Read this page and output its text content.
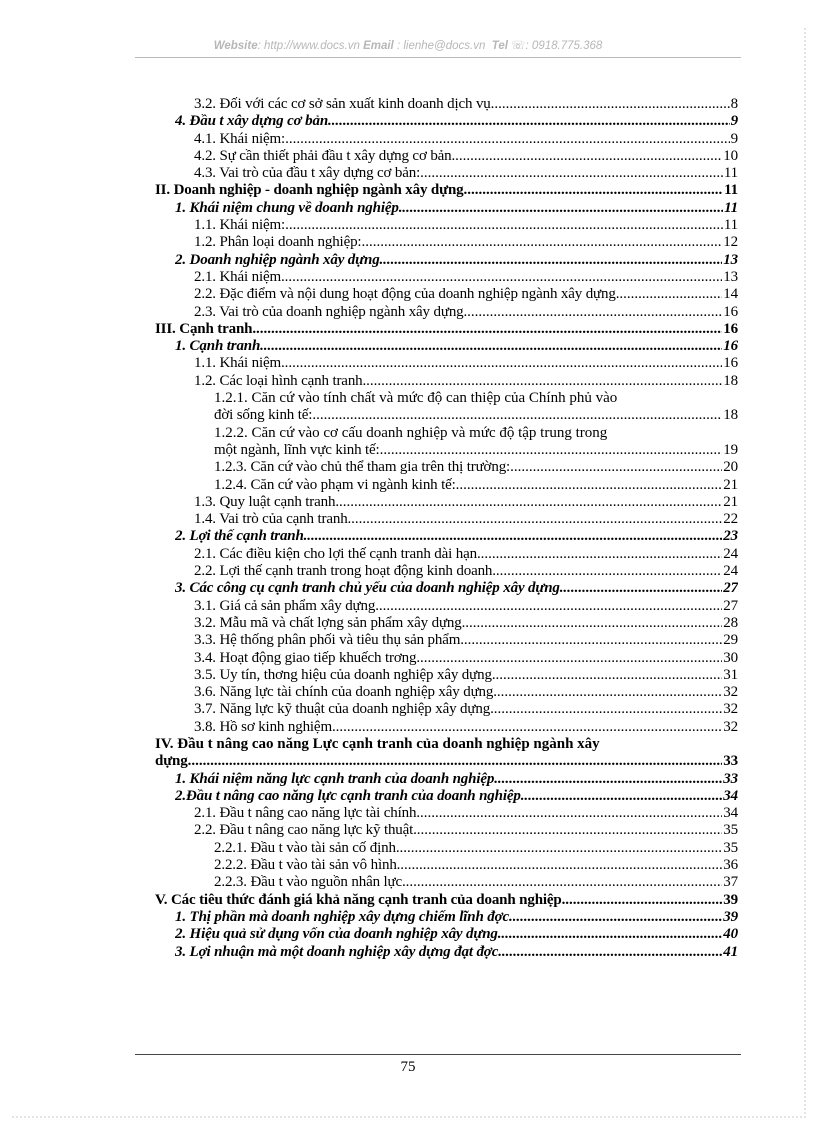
Website: http://www.docs.vn Email : lienhe@docs.vn Tel ☏: 0918.775.368
3.2. Đối với các cơ sở sản xuất kinh doanh dịch vụ .....	8
4. Đầu t xây dựng cơ bản. .....	9
4.1. Khái niệm: .....	9
4.2. Sự cần thiết phải đầu t xây dựng cơ bản. .....	10
4.3. Vai trò của đầu t xây dựng cơ bản: .....	11
II. Doanh nghiệp - doanh nghiệp ngành xây dựng .....	11
1. Khái niệm chung về doanh nghiệp. .....	11
1.1. Khái niệm: .....	11
1.2. Phân loại doanh nghiệp: .....	12
2. Doanh nghiệp ngành xây dựng. .....	13
2.1. Khái niệm. .....	13
2.2. Đặc điểm và nội dung hoạt động của doanh nghiệp ngành xây dựng. .....	14
2.3. Vai trò của doanh nghiệp ngành xây dựng. .....	16
III. Cạnh tranh. .....	16
1. Cạnh tranh. .....	16
1.1. Khái niệm. .....	16
1.2. Các loại hình cạnh tranh. .....	18
1.2.1. Căn cứ vào tính chất và mức độ can thiệp của Chính phủ vào
đời sống kinh tế: .....	18
1.2.2. Căn cứ vào cơ cấu doanh nghiệp và mức độ tập trung trong
một ngành, lĩnh vực kinh tế: .....	19
1.2.3. Căn cứ vào chủ thể tham gia trên thị trường: .....	20
1.2.4. Căn cứ vào phạm vi ngành kinh tế: .....	21
1.3. Quy luật cạnh tranh. .....	21
1.4. Vai trò của cạnh tranh. .....	22
2. Lợi thế cạnh tranh. .....	23
2.1. Các điều kiện cho lợi thế cạnh tranh dài hạn. .....	24
2.2. Lợi thế cạnh tranh trong hoạt động kinh doanh. .....	24
3. Các công cụ cạnh tranh chủ yếu của doanh nghiệp xây dựng. .....	27
3.1. Giá cả sản phẩm xây dựng. .....	27
3.2. Mẫu mã và chất lợng sản phẩm xây dựng. .....	28
3.3. Hệ thống phân phối và tiêu thụ sản phẩm. .....	29
3.4. Hoạt động giao tiếp khuếch trơng. .....	30
3.5. Uy tín, thơng hiệu của doanh nghiệp xây dựng. .....	31
3.6. Năng lực tài chính của doanh nghiệp xây dựng. .....	32
3.7. Năng lực kỹ thuật của doanh nghiệp xây dựng. .....	32
3.8. Hồ sơ kinh nghiệm. .....	32
IV. Đầu t nâng cao năng Lực cạnh tranh của doanh nghiệp ngành xây
dựng .....	33
1. Khái niệm năng lực cạnh tranh của doanh nghiệp. .....	33
2.Đầu t nâng cao năng lực cạnh tranh của doanh nghiệp. .....	34
2.1. Đầu t nâng cao năng lực tài chính. .....	34
2.2. Đầu t nâng cao năng lực kỹ thuật. .....	35
2.2.1. Đầu t vào tài sản cố định. .....	35
2.2.2. Đầu t vào tài sản vô hình. .....	36
2.2.3. Đầu t vào nguồn nhân lực. .....	37
V. Các tiêu thức đánh giá khả năng cạnh tranh của doanh nghiệp. .....	39
1. Thị phần mà doanh nghiệp xây dựng chiếm lĩnh đợc. .....	39
2. Hiệu quả sử dụng vốn của doanh nghiệp xây dựng. .....	40
3. Lợi nhuận mà một doanh nghiệp xây dựng đạt đợc. .....	41
75
